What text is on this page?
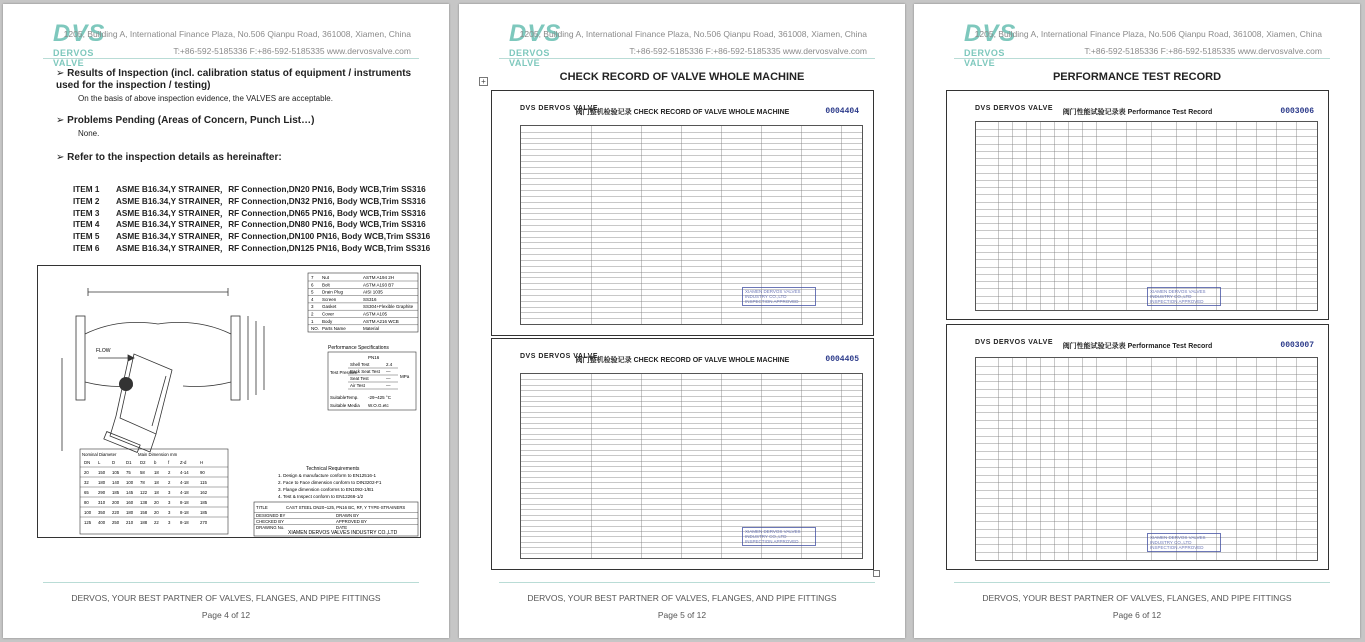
DVS
DERVOS VALVE
1205, Building A, International Finance Plaza, No.506 Qianpu Road, 361008, Xiamen, China
T:+86-592-5185336 F:+86-592-5185335 www.dervosvalve.com
➢ Results of Inspection (incl. calibration status of equipment / instruments used for the inspection / testing)
On the basis of above inspection evidence, the VALVES are acceptable.
➢ Problems Pending (Areas of Concern, Punch List…)
None.
➢ Refer to the inspection details as hereinafter:
ITEM 1	ASME B16.34,Y STRAINER，RF Connection,DN20 PN16, Body WCB,Trim SS316
ITEM 2	ASME B16.34,Y STRAINER，RF Connection,DN32 PN16, Body WCB,Trim SS316
ITEM 3	ASME B16.34,Y STRAINER，RF Connection,DN65 PN16, Body WCB,Trim SS316
ITEM 4	ASME B16.34,Y STRAINER，RF Connection,DN80 PN16, Body WCB,Trim SS316
ITEM 5	ASME B16.34,Y STRAINER，RF Connection,DN100 PN16, Body WCB,Trim SS316
ITEM 6	ASME B16.34,Y STRAINER，RF Connection,DN125 PN16, Body WCB,Trim SS316
FLOW
7 Nut	ASTM A194 2H
6 Bolt	ASTM A193 B7
5 Drain Plug	AISI 1035
4 Screen	SS316
3 Gasket	SS304+Flexible Graphite
2 Cover	ASTM A105
1 Body	ASTM A216 WCB
NO. Parts Name	Material
Performance Specifications
PN16
Test Pressure
MPa
Shell Test	2.4
Back Seat Test —
Seat Test	—
Air Test	—
SuitableTemp. -29~425 °C
Suitable Media W.O.G.etc
Technical Requirements
1. Design & manufacture conform to EN12516-1
2. Face to Face dimension conform to DIN3202-F1
3. Flange dimension conforms to EN1092-1/B1
4. Test & Inspect conform to EN12266-1/2
Nominal Diameter	Main Dimension mm
DN L	D	D1 D2 b	f	Z-d	H
20 150 105 75 58 18 2 4-14	90
32 180 140 100 78 18 2 4-18	115
65 290 185 145 122 18 3 4-18	162
80 310 200 160 138 20 3 8-18	185
100 350 220 180 158 20 3 8-18	185
125 400 250 210 188 22 3 8-18	270
TITLE	CAST STEEL DN20~125, PN16 BC, RF, Y TYPE-STRAINERS
DESIGNED BY	DRAWN BY
CHECKED BY	APPROVED BY
DRAWING No.	DATE
XIAMEN DERVOS VALVES INDUSTRY CO.,LTD
DERVOS, YOUR BEST PARTNER OF VALVES, FLANGES, AND PIPE FITTINGS
Page 4 of 12
DVS
DERVOS VALVE
1205, Building A, International Finance Plaza, No.506 Qianpu Road, 361008, Xiamen, China
T:+86-592-5185336 F:+86-592-5185335 www.dervosvalve.com
+	CHECK RECORD OF VALVE WHOLE MACHINE
DVS DERVOS VALVE
阀门整机检验记录 CHECK RECORD OF VALVE WHOLE MACHINE	0004404
XIAMEN DERVOS VALVES INDUSTRY CO.,LTD INSPECTION APPROVED
DVS DERVOS VALVE
阀门整机检验记录 CHECK RECORD OF VALVE WHOLE MACHINE	0004405
XIAMEN DERVOS VALVES INDUSTRY CO.,LTD INSPECTION APPROVED
DERVOS, YOUR BEST PARTNER OF VALVES, FLANGES, AND PIPE FITTINGS
Page 5 of 12
DVS
DERVOS VALVE
1205, Building A, International Finance Plaza, No.506 Qianpu Road, 361008, Xiamen, China
T:+86-592-5185336 F:+86-592-5185335 www.dervosvalve.com
PERFORMANCE TEST RECORD
DVS DERVOS VALVE
阀门性能试验记录表 Performance Test Record	0003006
XIAMEN DERVOS VALVES INDUSTRY CO.,LTD INSPECTION APPROVED
DVS DERVOS VALVE
阀门性能试验记录表 Performance Test Record	0003007
XIAMEN DERVOS VALVES INDUSTRY CO.,LTD INSPECTION APPROVED
DERVOS, YOUR BEST PARTNER OF VALVES, FLANGES, AND PIPE FITTINGS
Page 6 of 12
